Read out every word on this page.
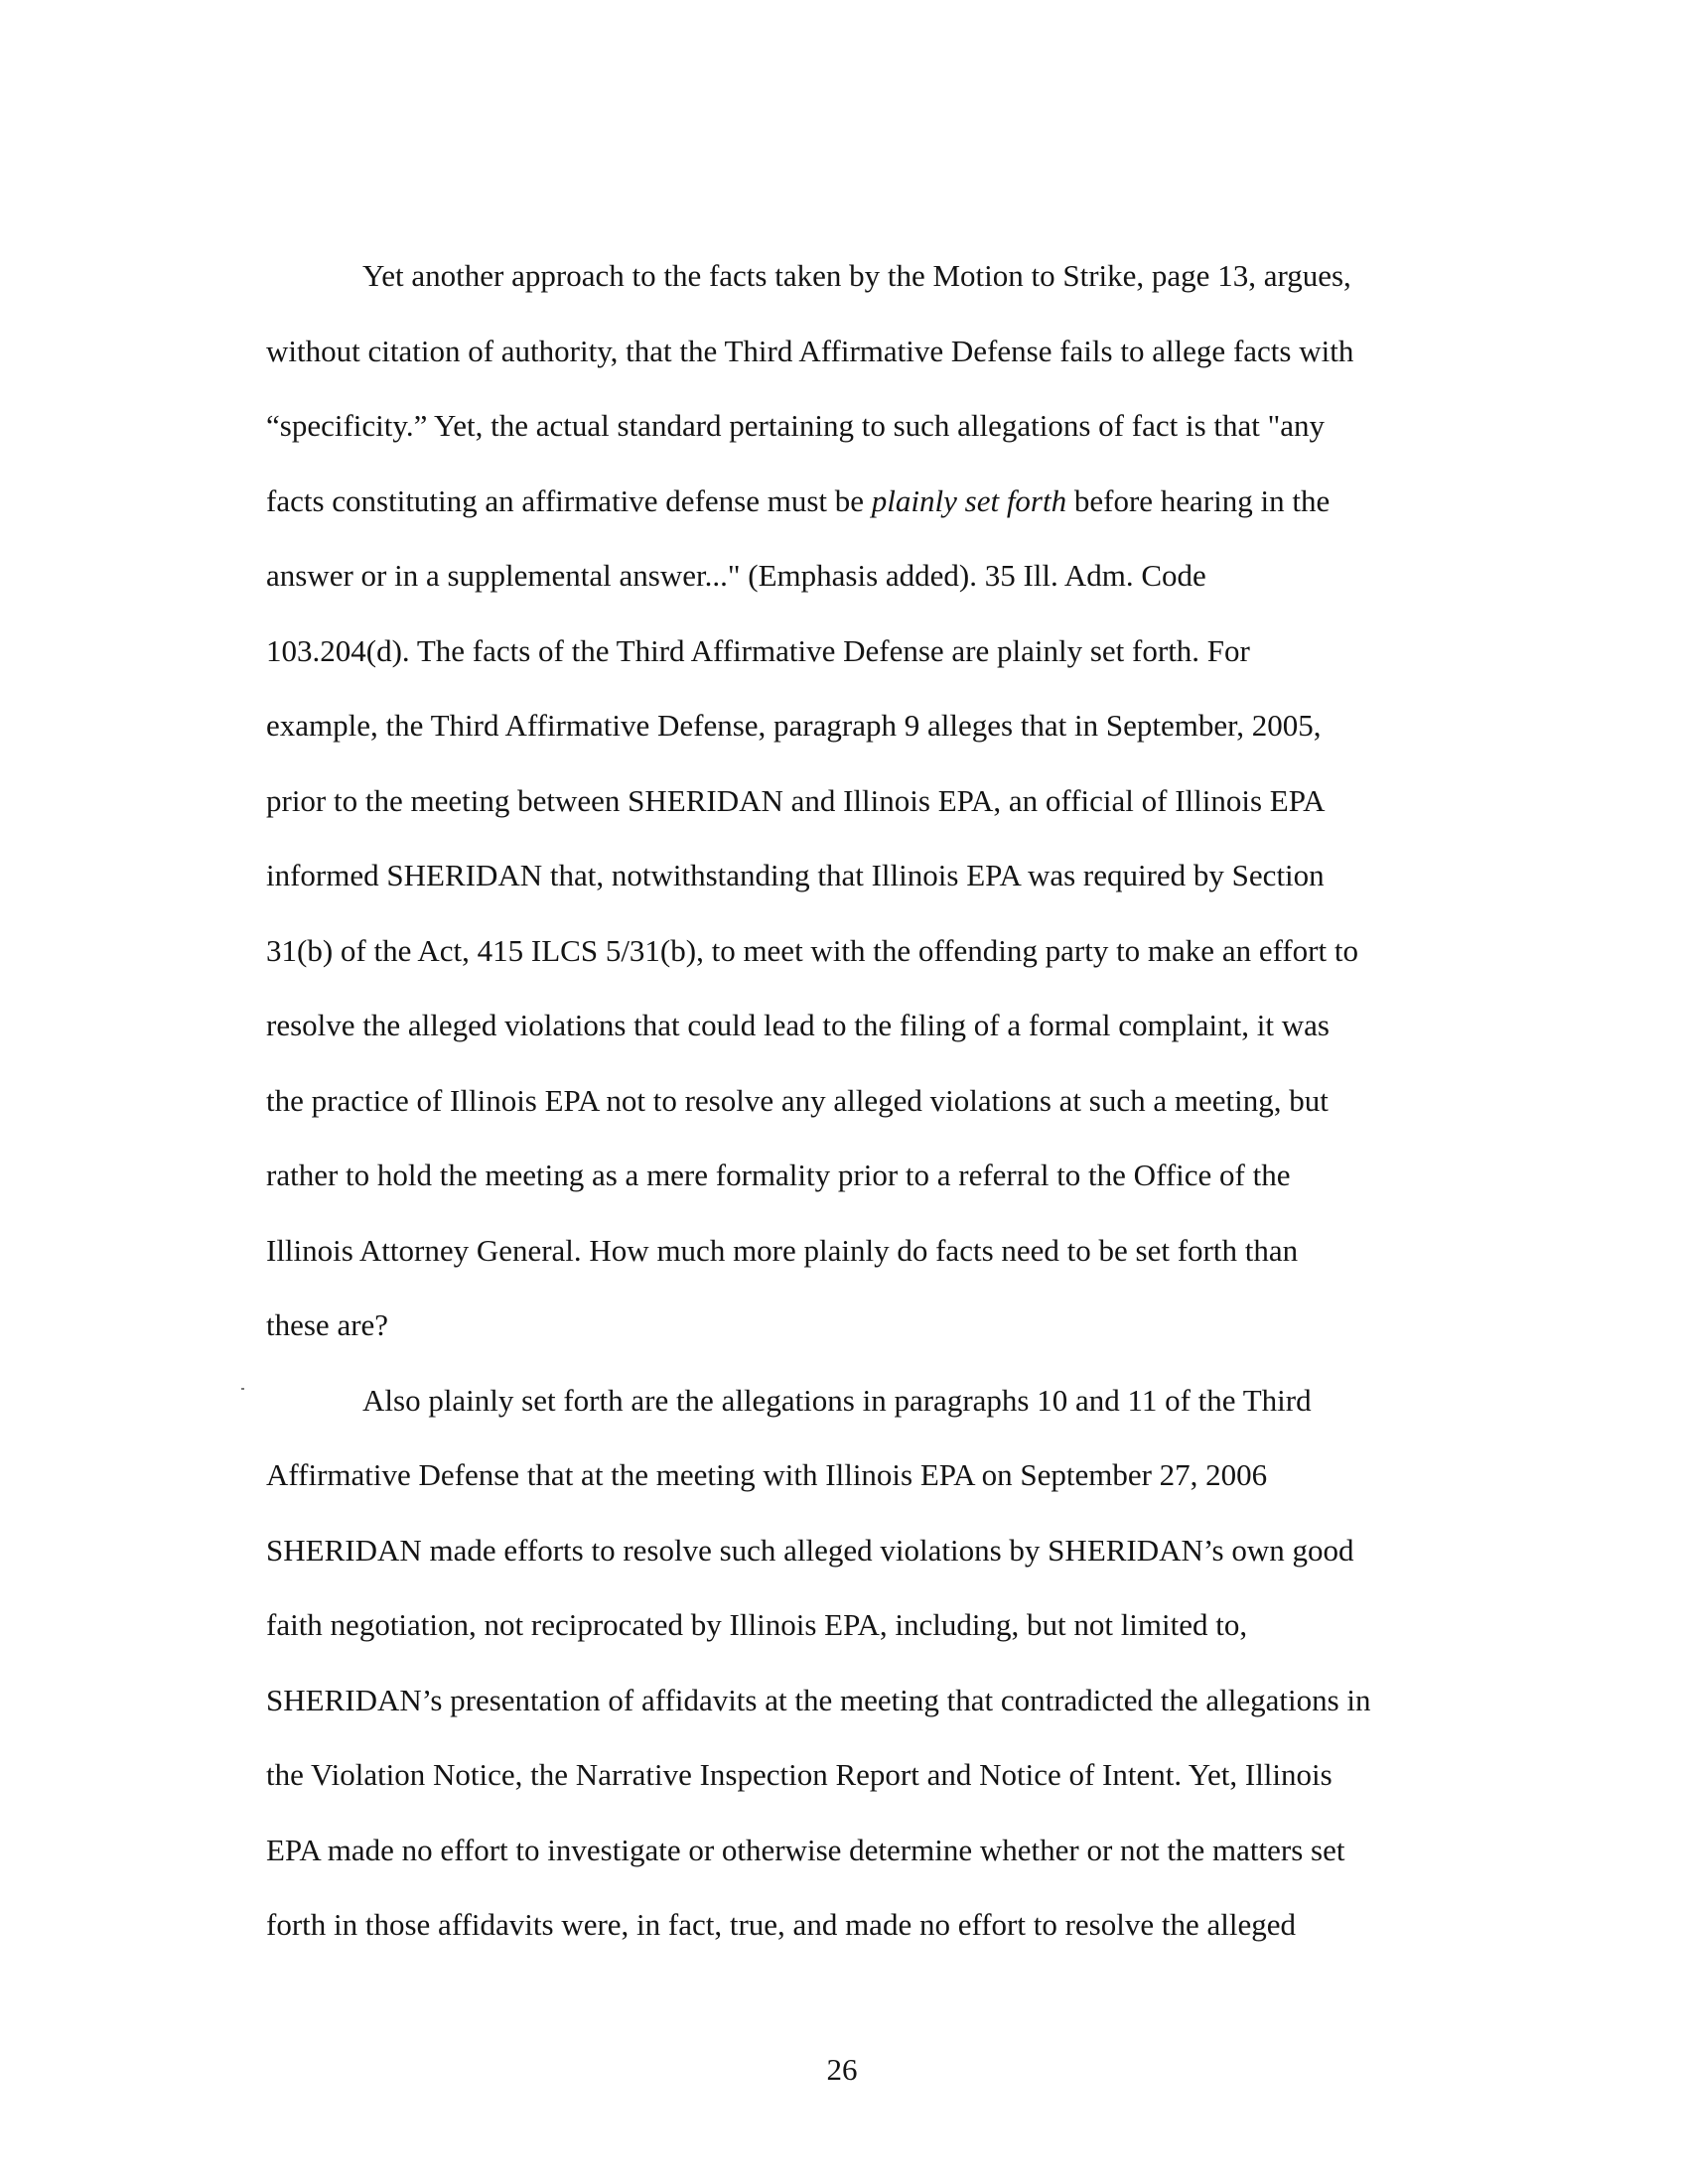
Yet another approach to the facts taken by the Motion to Strike, page 13, argues,
without citation of authority, that the Third Affirmative Defense fails to allege facts with
“specificity.” Yet, the actual standard pertaining to such allegations of fact is that "any
facts constituting an affirmative defense must be plainly set forth before hearing in the
answer or in a supplemental answer..." (Emphasis added). 35 Ill. Adm. Code
103.204(d). The facts of the Third Affirmative Defense are plainly set forth. For
example, the Third Affirmative Defense, paragraph 9 alleges that in September, 2005,
prior to the meeting between SHERIDAN and Illinois EPA, an official of Illinois EPA
informed SHERIDAN that, notwithstanding that Illinois EPA was required by Section
31(b) of the Act, 415 ILCS 5/31(b), to meet with the offending party to make an effort to
resolve the alleged violations that could lead to the filing of a formal complaint, it was
the practice of Illinois EPA not to resolve any alleged violations at such a meeting, but
rather to hold the meeting as a mere formality prior to a referral to the Office of the
Illinois Attorney General. How much more plainly do facts need to be set forth than
these are?
Also plainly set forth are the allegations in paragraphs 10 and 11 of the Third
Affirmative Defense that at the meeting with Illinois EPA on September 27, 2006
SHERIDAN made efforts to resolve such alleged violations by SHERIDAN’s own good
faith negotiation, not reciprocated by Illinois EPA, including, but not limited to,
SHERIDAN’s presentation of affidavits at the meeting that contradicted the allegations in
the Violation Notice, the Narrative Inspection Report and Notice of Intent. Yet, Illinois
EPA made no effort to investigate or otherwise determine whether or not the matters set
forth in those affidavits were, in fact, true, and made no effort to resolve the alleged
26
